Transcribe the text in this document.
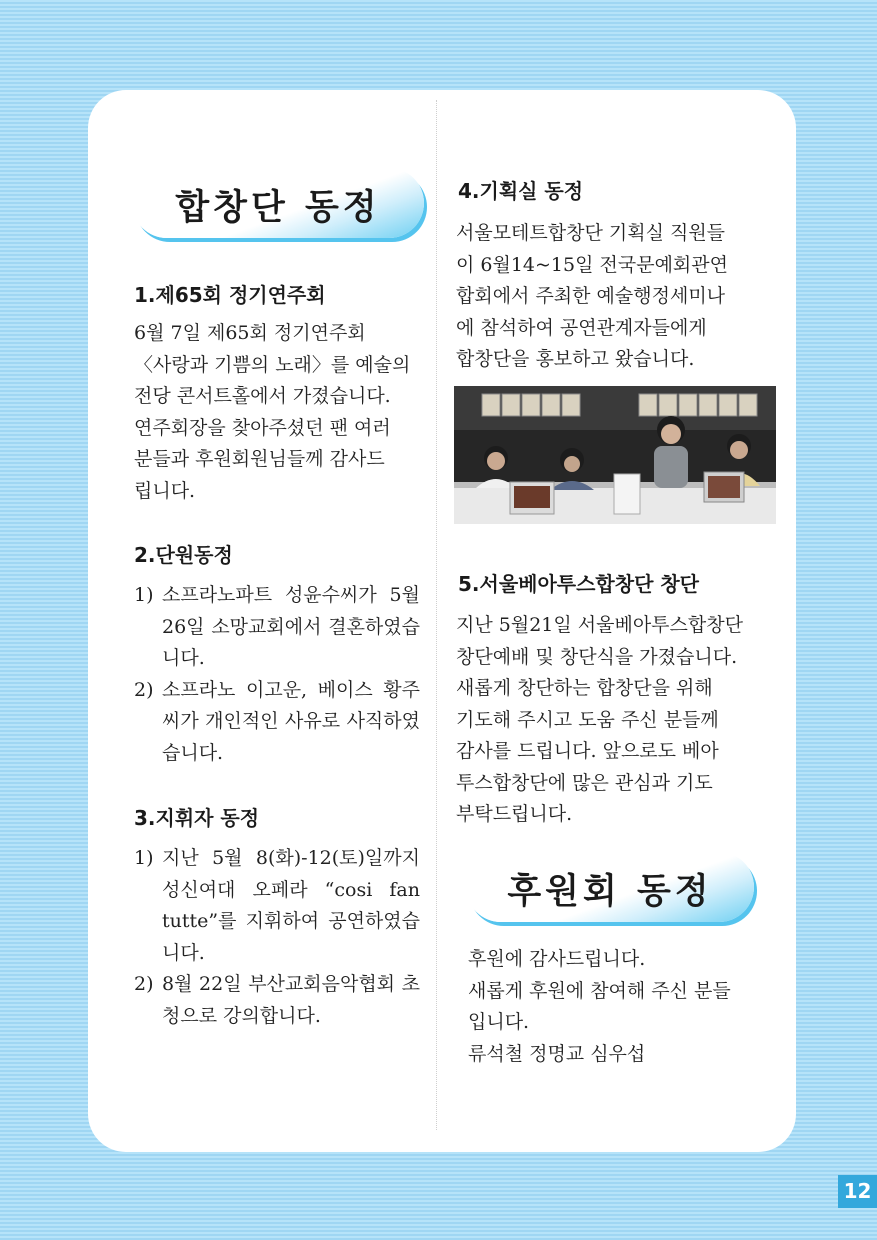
합창단 동정
1.제65회 정기연주회

6월 7일 제65회 정기연주회

〈사랑과 기쁨의 노래〉를 예술의

전당 콘서트홀에서 가졌습니다.

연주회장을 찾아주셨던 팬 여러

분들과 후원회원님들께 감사드

립니다.

2.단원동정
1) 소프라노파트 성윤수씨가 5월 26일 소망교회에서 결혼하였습니다.
2) 소프라노 이고운, 베이스 황주씨가 개인적인 사유로 사직하였습니다.
3.지휘자 동정
1) 지난 5월 8(화)-12(토)일까지 성신여대 오페라 “cosi fan tutte”를 지휘하여 공연하였습니다.
2) 8월 22일 부산교회음악협회 초청으로 강의합니다.
4.기획실 동정

서울모테트합창단 기획실 직원들

이 6월14~15일 전국문예회관연

합회에서 주최한 예술행정세미나

에 참석하여 공연관계자들에게

합창단을 홍보하고 왔습니다.

5.서울베아투스합창단 창단

지난 5월21일 서울베아투스합창단

창단예배 및 창단식을 가졌습니다.

새롭게 창단하는 합창단을 위해

기도해 주시고 도움 주신 분들께

감사를 드립니다. 앞으로도 베아

투스합창단에 많은 관심과 기도

부탁드립니다.

후원회 동정

후원에 감사드립니다.

새롭게 후원에 참여해 주신 분들

입니다.

류석철 정명교 심우섭

12
